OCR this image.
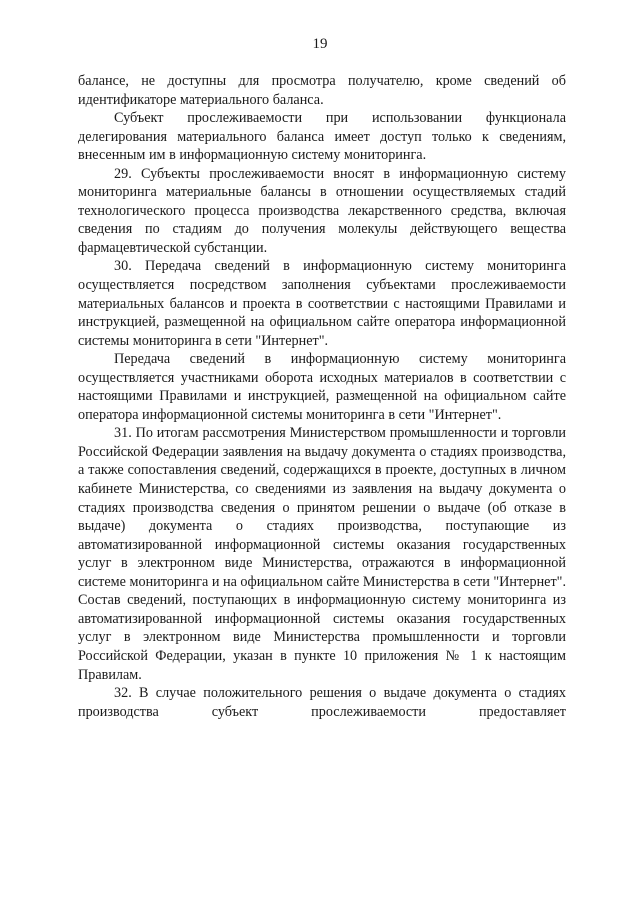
19

балансе, не доступны для просмотра получателю, кроме сведений об идентификаторе материального баланса.

Субъект прослеживаемости при использовании функционала делегирования материального баланса имеет доступ только к сведениям, внесенным им в информационную систему мониторинга.

29. Субъекты прослеживаемости вносят в информационную систему мониторинга материальные балансы в отношении осуществляемых стадий технологического процесса производства лекарственного средства, включая сведения по стадиям до получения молекулы действующего вещества фармацевтической субстанции.

30. Передача сведений в информационную систему мониторинга осуществляется посредством заполнения субъектами прослеживаемости материальных балансов и проекта в соответствии с настоящими Правилами и инструкцией, размещенной на официальном сайте оператора информационной системы мониторинга в сети "Интернет".

Передача сведений в информационную систему мониторинга осуществляется участниками оборота исходных материалов в соответствии с настоящими Правилами и инструкцией, размещенной на официальном сайте оператора информационной системы мониторинга в сети "Интернет".

31. По итогам рассмотрения Министерством промышленности и торговли Российской Федерации заявления на выдачу документа о стадиях производства, а также сопоставления сведений, содержащихся в проекте, доступных в личном кабинете Министерства, со сведениями из заявления на выдачу документа о стадиях производства сведения о принятом решении о выдаче (об отказе в выдаче) документа о стадиях производства, поступающие из автоматизированной информационной системы оказания государственных услуг в электронном виде Министерства, отражаются в информационной системе мониторинга и на официальном сайте Министерства в сети "Интернет". Состав сведений, поступающих в информационную систему мониторинга из автоматизированной информационной системы оказания государственных услуг в электронном виде Министерства промышленности и торговли Российской Федерации, указан в пункте 10 приложения № 1 к настоящим Правилам.

32. В случае положительного решения о выдаче документа о стадиях производства субъект прослеживаемости предоставляет
